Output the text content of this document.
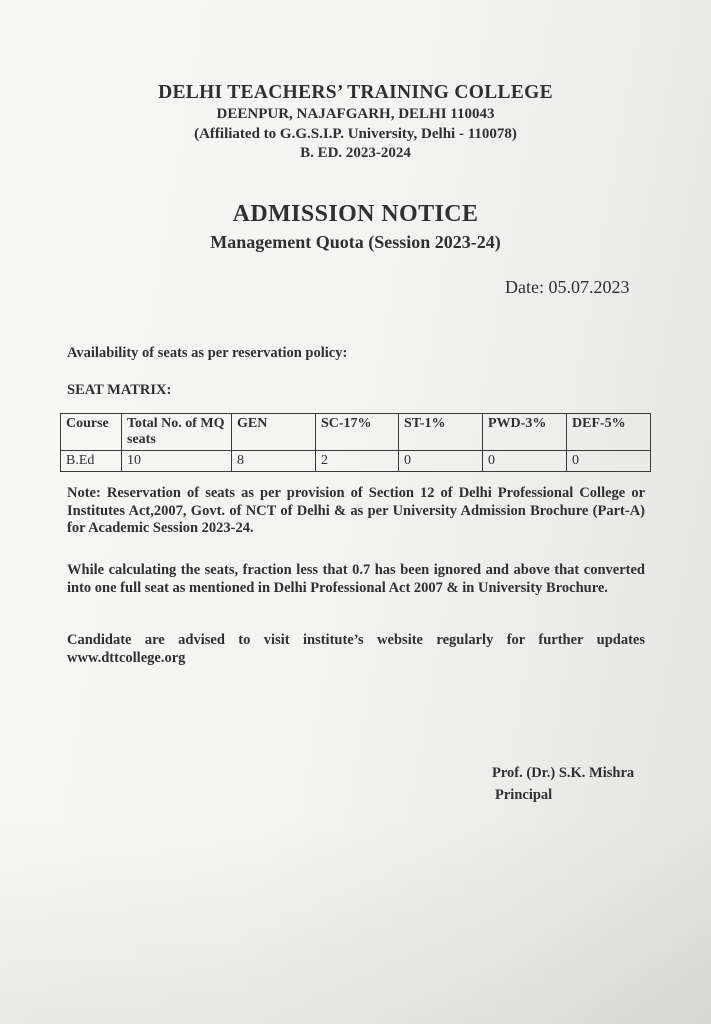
DELHI TEACHERS’ TRAINING COLLEGE
DEENPUR, NAJAFGARH, DELHI 110043
(Affiliated to G.G.S.I.P. University, Delhi - 110078)
B. ED. 2023-2024
ADMISSION NOTICE
Management Quota (Session 2023-24)
Date: 05.07.2023
Availability of seats as per reservation policy:
SEAT MATRIX:
Course	Total No. of MQ seats	GEN	SC-17%	ST-1%	PWD-3%	DEF-5%
B.Ed	10	8	2	0	0	0
Note: Reservation of seats as per provision of Section 12 of Delhi Professional College or Institutes Act,2007, Govt. of NCT of Delhi & as per University Admission Brochure (Part-A) for Academic Session 2023-24.
While calculating the seats, fraction less that 0.7 has been ignored and above that converted into one full seat as mentioned in Delhi Professional Act 2007 & in University Brochure.
Candidate are advised to visit institute’s website regularly for further updates www.dttcollege.org
Prof. (Dr.) S.K. Mishra
Principal
